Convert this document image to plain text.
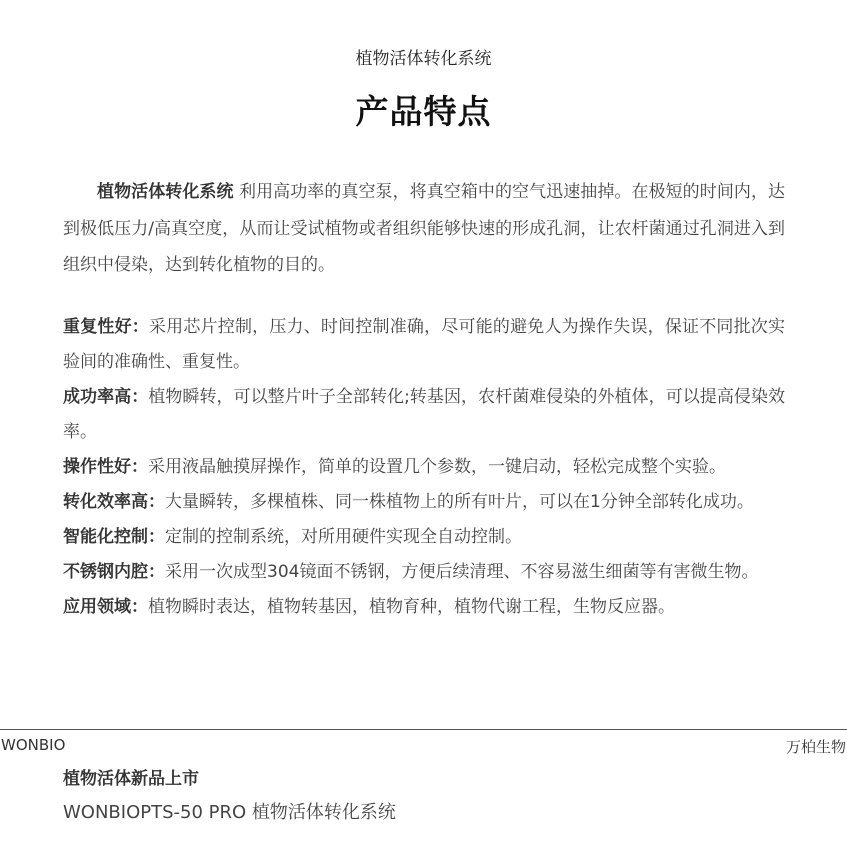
植物活体转化系统
产品特点

植物活体转化系统 利用高功率的真空泵，将真空箱中的空气迅速抽掉。在极短的时间内，达到极低压力/高真空度，从而让受试植物或者组织能够快速的形成孔洞，让农杆菌通过孔洞进入到组织中侵染，达到转化植物的目的。

重复性好：采用芯片控制，压力、时间控制准确，尽可能的避免人为操作失误，保证不同批次实验间的准确性、重复性。

成功率高：植物瞬转，可以整片叶子全部转化;转基因，农杆菌难侵染的外植体，可以提高侵染效率。

操作性好：采用液晶触摸屏操作，简单的设置几个参数，一键启动，轻松完成整个实验。

转化效率高：大量瞬转，多棵植株、同一株植物上的所有叶片，可以在1分钟全部转化成功。

智能化控制：定制的控制系统，对所用硬件实现全自动控制。

不锈钢内腔：采用一次成型304镜面不锈钢，方便后续清理、不容易滋生细菌等有害微生物。

应用领域：植物瞬时表达，植物转基因，植物育种，植物代谢工程，生物反应器。

WONBIO	万柏生物
植物活体新品上市
WONBIOPTS-50 PRO 植物活体转化系统
